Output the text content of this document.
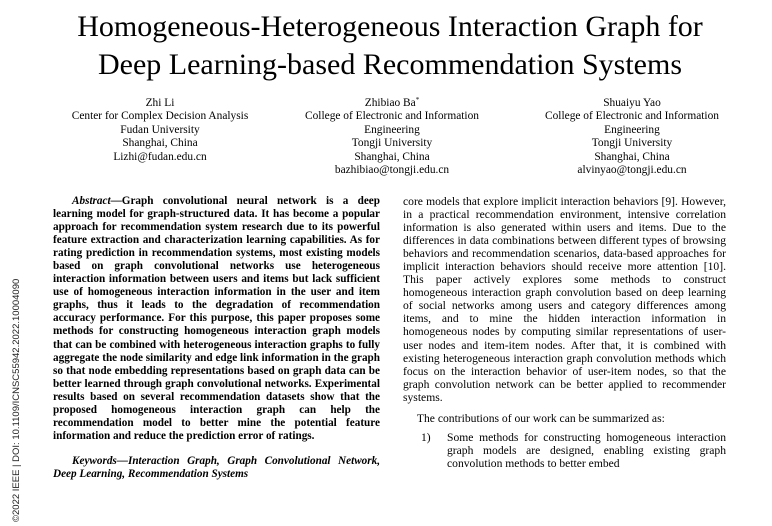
©2022 IEEE | DOI: 10.1109/ICNSC55942.2022.10004090
Homogeneous-Heterogeneous Interaction Graph for
Deep Learning-based Recommendation Systems
Zhi Li
Center for Complex Decision Analysis
Fudan University
Shanghai, China
Lizhi@fudan.edu.cn
Zhibiao Ba*
College of Electronic and Information
Engineering
Tongji University
Shanghai, China
bazhibiao@tongji.edu.cn
Shuaiyu Yao
College of Electronic and Information
Engineering
Tongji University
Shanghai, China
alvinyao@tongji.edu.cn

Abstract—Graph convolutional neural network is a deep learning model for graph-structured data. It has become a popular approach for recommendation system research due to its powerful feature extraction and characterization learning capabilities. As for rating prediction in recommendation systems, most existing models based on graph convolutional networks use heterogeneous interaction information between users and items but lack sufficient use of homogeneous interaction information in the user and item graphs, thus it leads to the degradation of recommendation accuracy performance. For this purpose, this paper proposes some methods for constructing homogeneous interaction graph models that can be combined with heterogeneous interaction graphs to fully aggregate the node similarity and edge link information in the graph so that node embedding representations based on graph data can be better learned through graph convolutional networks. Experimental results based on several recommendation datasets show that the proposed homogeneous interaction graph can help the recommendation model to better mine the potential feature information and reduce the prediction error of ratings.

Keywords—Interaction Graph, Graph Convolutional Network, Deep Learning, Recommendation Systems

core models that explore implicit interaction behaviors [9]. However, in a practical recommendation environment, intensive correlation information is also generated within users and items. Due to the differences in data combinations between different types of browsing behaviors and recommendation scenarios, data-based approaches for implicit interaction behaviors should receive more attention [10]. This paper actively explores some methods to construct homogeneous interaction graph convolution based on deep learning of social networks among users and category differences among items, and to mine the hidden interaction information in homogeneous nodes by computing similar representations of user-user nodes and item-item nodes. After that, it is combined with existing heterogeneous interaction graph convolution methods which focus on the interaction behavior of user-item nodes, so that the graph convolution network can be better applied to recommender systems.

The contributions of our work can be summarized as:

1) Some methods for constructing homogeneous interaction graph models are designed, enabling existing graph convolution methods to better embed
